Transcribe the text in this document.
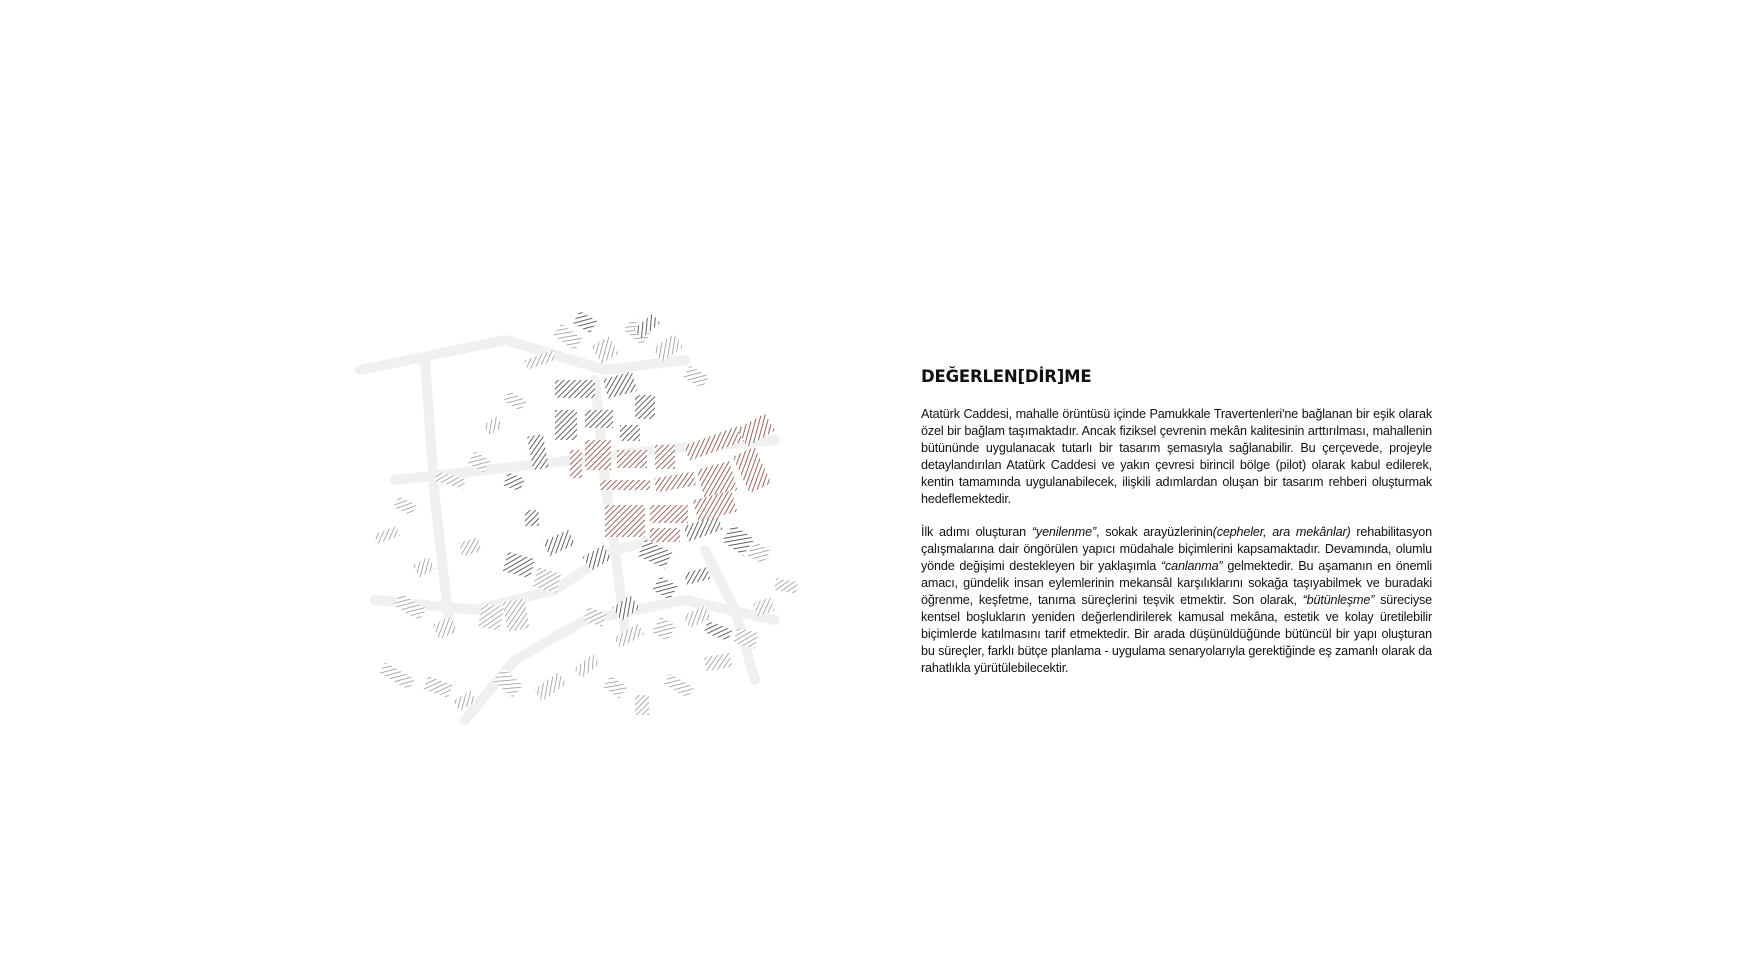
DEĞERLEN[DİR]ME

Atatürk Caddesi, mahalle örüntüsü içinde Pamukkale Travertenleri'ne bağlanan bir eşik olarak özel bir bağlam taşımaktadır. Ancak fiziksel çevrenin mekân kalitesinin arttırılması, mahallenin bütününde uygulanacak tutarlı bir tasarım şemasıyla sağlanabilir. Bu çerçevede, projeyle detaylandırılan Atatürk Caddesi ve yakın çevresi birincil bölge (pilot) olarak kabul edilerek, kentin tamamında uygulanabilecek, ilişkili adımlardan oluşan bir tasarım rehberi oluşturmak hedeflemektedir.

İlk adımı oluşturan “yenilenme”, sokak arayüzlerinin(cepheler, ara mekânlar) rehabilitasyon çalışmalarına dair öngörülen yapıcı müdahale biçimlerini kapsamaktadır. Devamında, olumlu yönde değişimi destekleyen bir yaklaşımla “canlanma” gelmektedir. Bu aşamanın en önemli amacı, gündelik insan eylemlerinin mekansâl karşılıklarını sokağa taşıyabilmek ve buradaki öğrenme, keşfetme, tanıma süreçlerini teşvik etmektir. Son olarak, “bütünleşme” süreciyse kentsel boşlukların yeniden değerlendirilerek kamusal mekâna, estetik ve kolay üretilebilir biçimlerde katılmasını tarif etmektedir. Bir arada düşünüldüğünde bütüncül bir yapı oluşturan bu süreçler, farklı bütçe planlama - uygulama senaryolarıyla gerektiğinde eş zamanlı olarak da rahatlıkla yürütülebilecektir.
